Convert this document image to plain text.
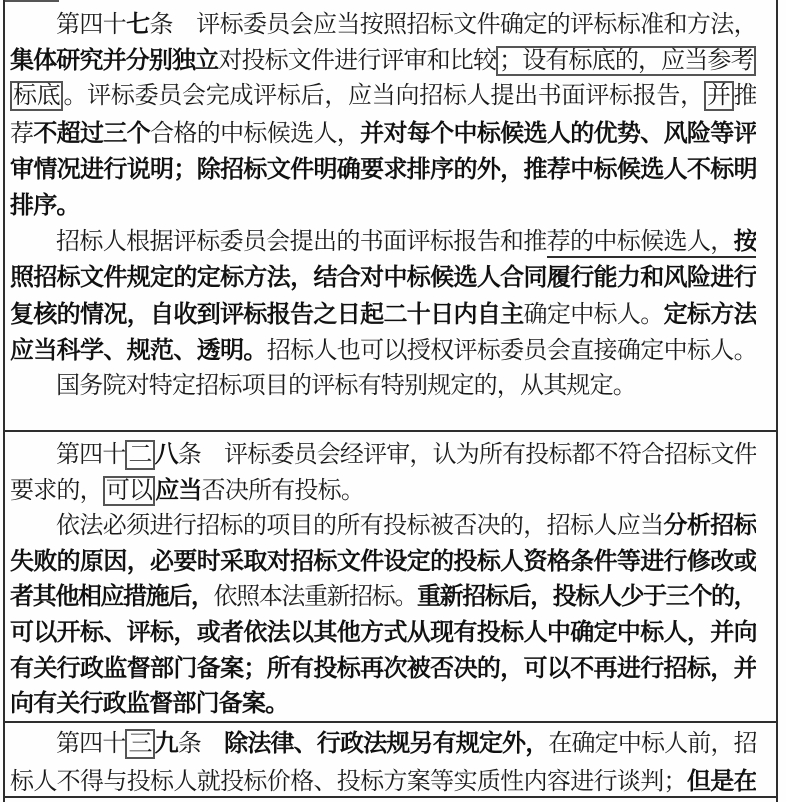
第四十七条　评标委员会应当按照招标文件确定的评标标准和方法，
集体研究并分别独立对投标文件进行评审和比较 ；设有标底的，应当参考
标底 。评标委员会完成评标后，应当向招标人提出书面评标报告， 并 推
荐不超过三个合格的中标候选人，并对每个中标候选人的优势、风险等评
审情况进行说明；除招标文件明确要求排序的外，推荐中标候选人不标明
排序。
招标人根据评标委员会提出的书面评标报告和推荐的中标候选人，按
照招标文件规定的定标方法，结合对中标候选人合同履行能力和风险进行
复核的情况，自收到评标报告之日起二十日内自主确定中标人。定标方法
应当科学、规范、透明。招标人也可以授权评标委员会直接确定中标人。
国务院对特定招标项目的评标有特别规定的，从其规定。
第四十 二 八条　评标委员会经评审，认为所有投标都不符合招标文件
要求的， 可以 应当否决所有投标。
依法必须进行招标的项目的所有投标被否决的，招标人应当分析招标
失败的原因，必要时采取对招标文件设定的投标人资格条件等进行修改或
者其他相应措施后，依照本法重新招标。重新招标后，投标人少于三个的，
可以开标、评标，或者依法以其他方式从现有投标人中确定中标人，并向
有关行政监督部门备案；所有投标再次被否决的，可以不再进行招标，并
向有关行政监督部门备案。
第四十 三 九条　除法律、行政法规另有规定外，在确定中标人前，招
标人不得与投标人就投标价格、投标方案等实质性内容进行谈判；但是在
